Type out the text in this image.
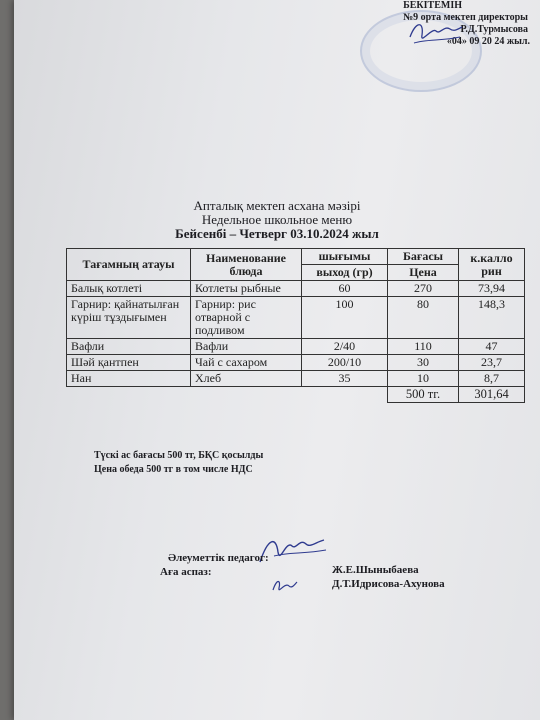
БЕКІТЕМІН
№9 орта мектеп директоры
Р.Д.Турмысова
«04» 09 20 24 жыл.
Апталық мектеп асхана мәзірі
Недельное школьное меню
Бейсенбі – Четверг 03.10.2024 жыл
Тағамның атауы	Наименование блюда	шығымы	Бағасы	к.калло рин
		выход (гр)	Цена	
Балық котлеті	Котлеты рыбные	60	270	73,94
Гарнир: қайнатылған күріш тұздығымен	Гарнир: рис отварной с подливом	100	80	148,3
Вафли	Вафли	2/40	110	47
Шәй қантпен	Чай с сахаром	200/10	30	23,7
Нан	Хлеб	35	10	8,7
			500 тг.	301,64
Түскі ас бағасы 500 тг, БҚС қосылды
Цена обеда 500 тг в том числе НДС
Әлеуметтік педагог:
Аға аспаз:	Ж.Е.Шыныбаева
Д.Т.Идрисова-Ахунова
